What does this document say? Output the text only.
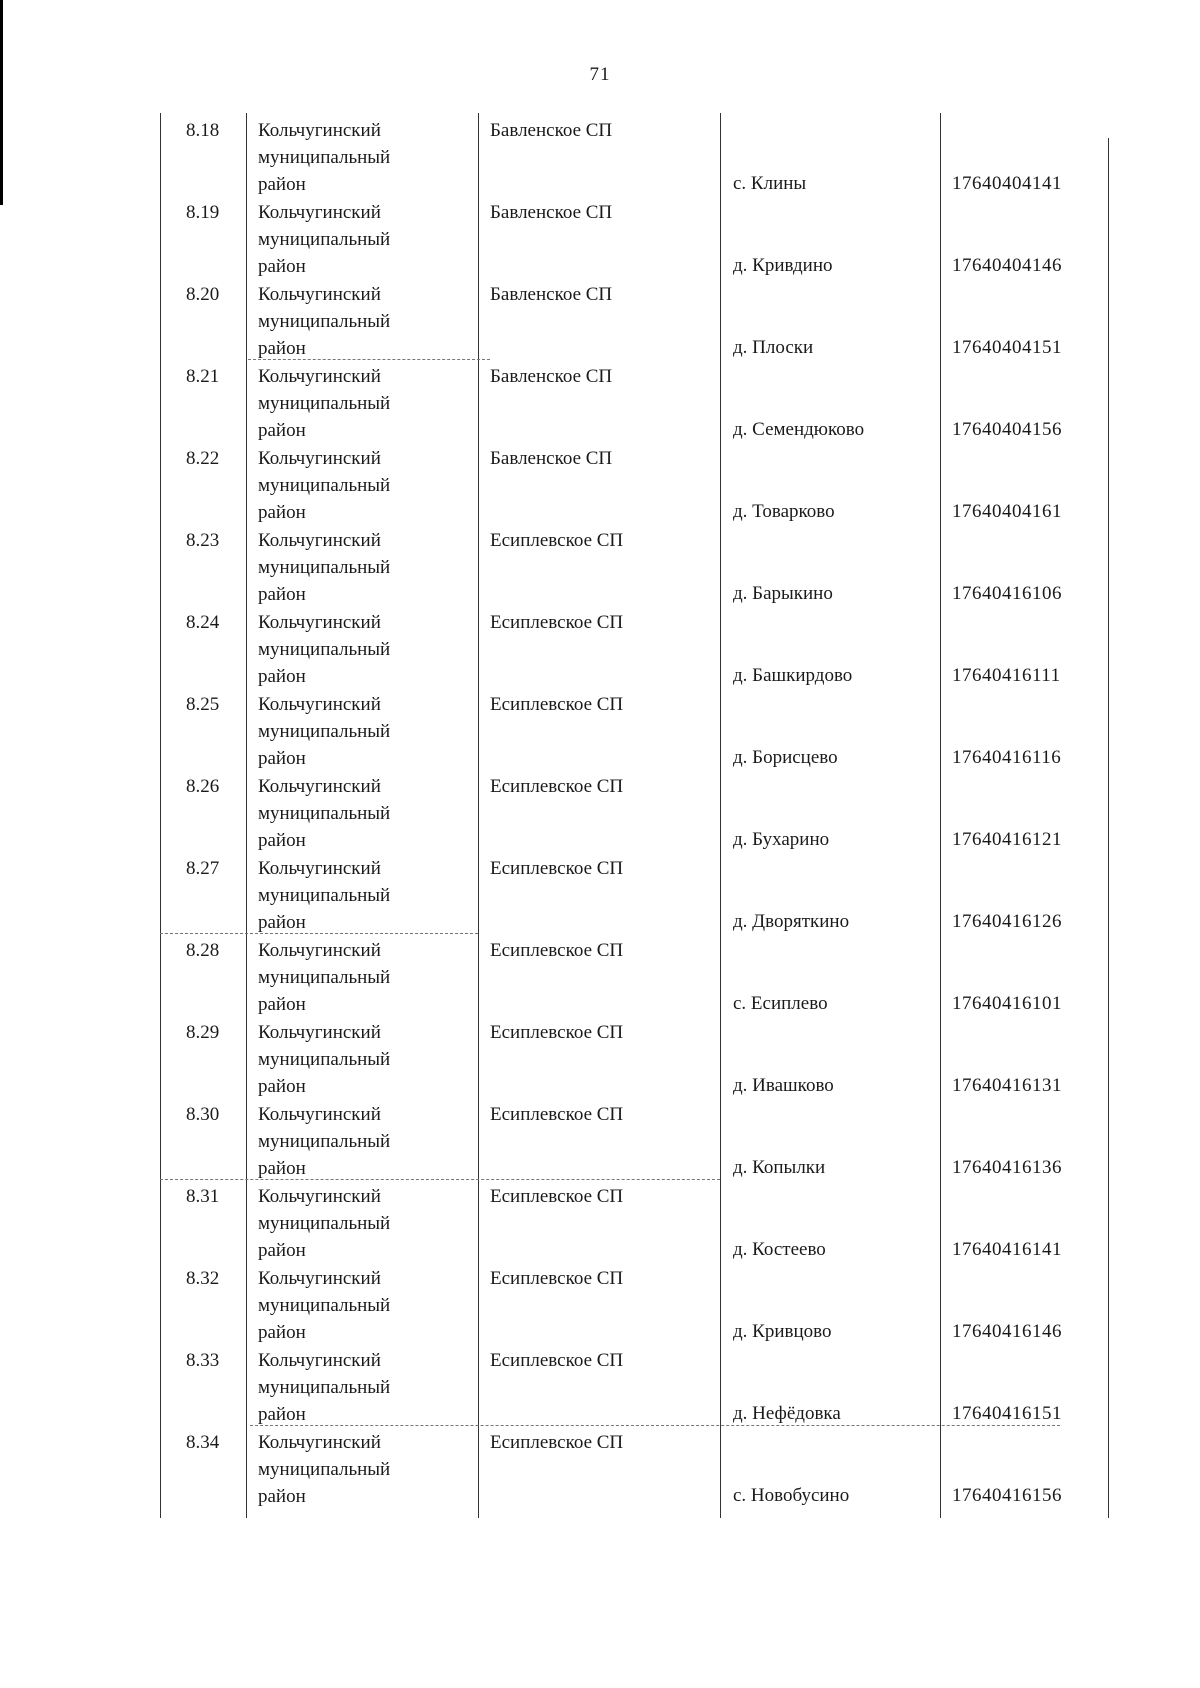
71
8.18 Кольчугинский
муниципальный
район
Бавленское СП
с. Клины	17640404141
8.19 Кольчугинский
муниципальный
район
Бавленское СП
д. Кривдино	17640404146
8.20 Кольчугинский
муниципальный
район
Бавленское СП
д. Плоски	17640404151
8.21 Кольчугинский
муниципальный
район
Бавленское СП
д. Семендюково	17640404156
8.22 Кольчугинский
муниципальный
район
Бавленское СП
д. Товарково	17640404161
8.23 Кольчугинский
муниципальный
район
Есиплевское СП
д. Барыкино	17640416106
8.24 Кольчугинский
муниципальный
район
Есиплевское СП
д. Башкирдово	17640416111
8.25 Кольчугинский
муниципальный
район
Есиплевское СП
д. Борисцево	17640416116
8.26 Кольчугинский
муниципальный
район
Есиплевское СП
д. Бухарино	17640416121
8.27 Кольчугинский
муниципальный
район
Есиплевское СП
д. Дворяткино	17640416126
8.28 Кольчугинский
муниципальный
район
Есиплевское СП
с. Есиплево	17640416101
8.29 Кольчугинский
муниципальный
район
Есиплевское СП
д. Ивашково	17640416131
8.30 Кольчугинский
муниципальный
район
Есиплевское СП
д. Копылки	17640416136
8.31 Кольчугинский
муниципальный
район
Есиплевское СП
д. Костеево	17640416141
8.32 Кольчугинский
муниципальный
район
Есиплевское СП
д. Кривцово	17640416146
8.33 Кольчугинский
муниципальный
район
Есиплевское СП
д. Нефёдовка	17640416151
8.34 Кольчугинский
муниципальный
район
Есиплевское СП
с. Новобусино	17640416156
